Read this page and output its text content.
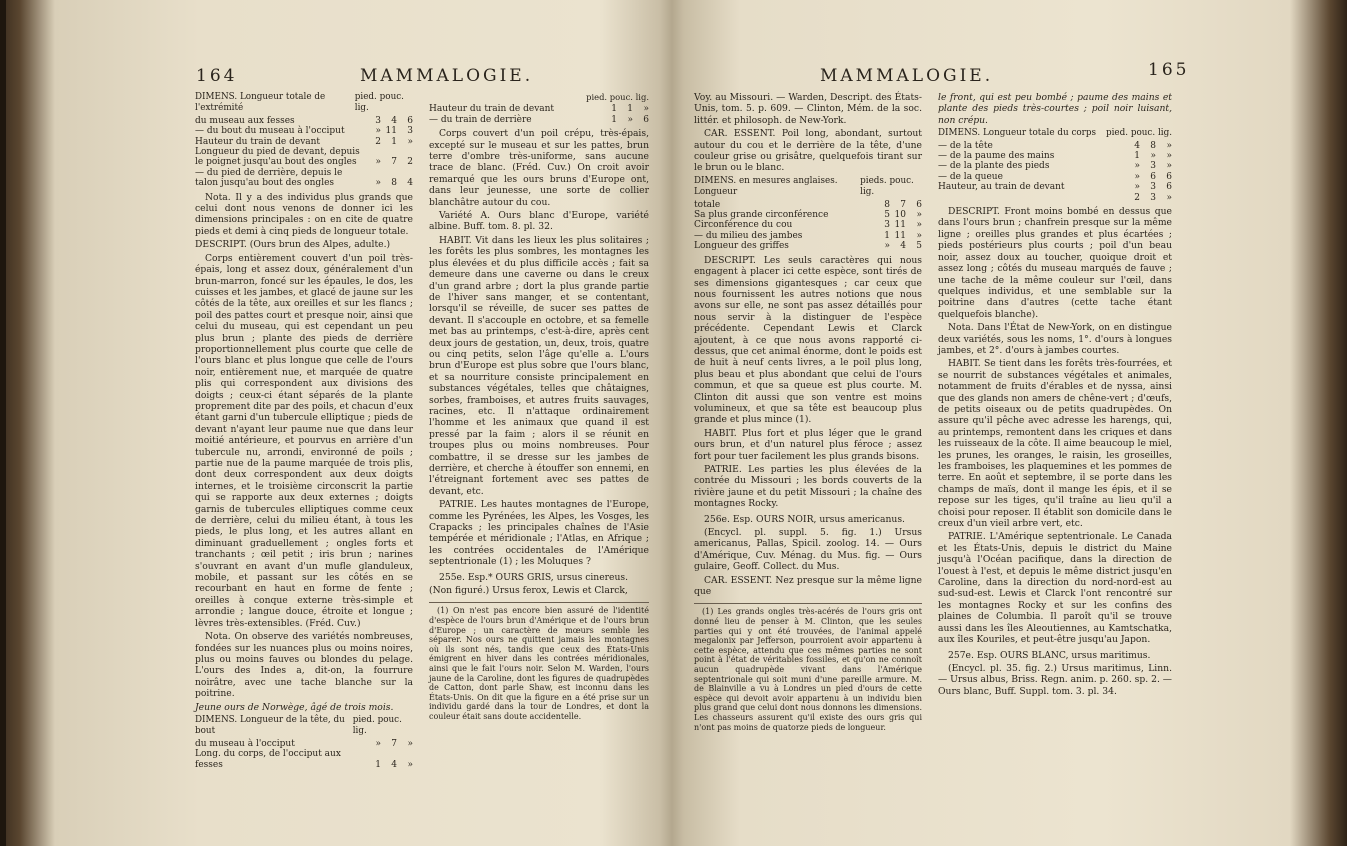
164	MAMMALOGIE.
DIMENS. Longueur totale de l'extrémité
pied. pouc. lig.
du museau aux fesses	3	4	6
— du bout du museau à l'occiput	»	11	3
Hauteur du train de devant	2	1	»
Longueur du pied de devant, depuis le poignet jusqu'au bout des ongles	»	7	2
— du pied de derrière, depuis le talon jusqu'au bout des ongles	»	8	4

Nota. Il y a des individus plus grands que celui dont nous venons de donner ici les dimensions principales : on en cite de quatre pieds et demi à cinq pieds de longueur totale.

DESCRIPT. (Ours brun des Alpes, adulte.)

Corps entièrement couvert d'un poil très-épais, long et assez doux, généralement d'un brun-marron, foncé sur les épaules, le dos, les cuisses et les jambes, et glacé de jaune sur les côtés de la tête, aux oreilles et sur les flancs ; poil des pattes court et presque noir, ainsi que celui du museau, qui est cependant un peu plus brun ; plante des pieds de derrière proportionnellement plus courte que celle de l'ours blanc et plus longue que celle de l'ours noir, entièrement nue, et marquée de quatre plis qui correspondent aux divisions des doigts ; ceux-ci étant séparés de la plante proprement dite par des poils, et chacun d'eux étant garni d'un tubercule elliptique ; pieds de devant n'ayant leur paume nue que dans leur moitié antérieure, et pourvus en arrière d'un tubercule nu, arrondi, environné de poils ; partie nue de la paume marquée de trois plis, dont deux correspondent aux deux doigts internes, et le troisième circonscrit la partie qui se rapporte aux deux externes ; doigts garnis de tubercules elliptiques comme ceux de derrière, celui du milieu étant, à tous les pieds, le plus long, et les autres allant en diminuant graduellement ; ongles forts et tranchants ; œil petit ; iris brun ; narines s'ouvrant en avant d'un mufle glanduleux, mobile, et passant sur les côtés en se recourbant en haut en forme de fente ; oreilles à conque externe très-simple et arrondie ; langue douce, étroite et longue ; lèvres très-extensibles. (Fréd. Cuv.)

Nota. On observe des variétés nombreuses, fondées sur les nuances plus ou moins noires, plus ou moins fauves ou blondes du pelage. L'ours des Indes a, dit-on, la fourrure noirâtre, avec une tache blanche sur la poitrine.

Jeune ours de Norwège, âgé de trois mois.

DIMENS. Longueur de la tête, du bout
pied. pouc. lig.
du museau à l'occiput	»	7	»
Long. du corps, de l'occiput aux fesses	1	4	»
pied. pouc. lig.
Hauteur du train de devant	1	1	»
— du train de derrière	1	»	6

Corps couvert d'un poil crépu, très-épais, excepté sur le museau et sur les pattes, brun terre d'ombre très-uniforme, sans aucune trace de blanc. (Fréd. Cuv.) On croit avoir remarqué que les ours bruns d'Europe ont, dans leur jeunesse, une sorte de collier blanchâtre autour du cou.

Variété A. Ours blanc d'Europe, variété albine. Buff. tom. 8. pl. 32.

HABIT. Vit dans les lieux les plus solitaires ; les forêts les plus sombres, les montagnes les plus élevées et du plus difficile accès ; fait sa demeure dans une caverne ou dans le creux d'un grand arbre ; dort la plus grande partie de l'hiver sans manger, et se contentant, lorsqu'il se réveille, de sucer ses pattes de devant. Il s'accouple en octobre, et sa femelle met bas au printemps, c'est-à-dire, après cent deux jours de gestation, un, deux, trois, quatre ou cinq petits, selon l'âge qu'elle a. L'ours brun d'Europe est plus sobre que l'ours blanc, et sa nourriture consiste principalement en substances végétales, telles que châtaignes, sorbes, framboises, et autres fruits sauvages, racines, etc. Il n'attaque ordinairement l'homme et les animaux que quand il est pressé par la faim ; alors il se réunit en troupes plus ou moins nombreuses. Pour combattre, il se dresse sur les jambes de derrière, et cherche à étouffer son ennemi, en l'étreignant fortement avec ses pattes de devant, etc.

PATRIE. Les hautes montagnes de l'Europe, comme les Pyrénées, les Alpes, les Vosges, les Crapacks ; les principales chaînes de l'Asie tempérée et méridionale ; l'Atlas, en Afrique ; les contrées occidentales de l'Amérique septentrionale (1) ; les Moluques ?

255e. Esp.* OURS GRIS, ursus cinereus.

(Non figuré.) Ursus ferox, Lewis et Clarck,

(1) On n'est pas encore bien assuré de l'identité d'espèce de l'ours brun d'Amérique et de l'ours brun d'Europe ; un caractère de mœurs semble les séparer. Nos ours ne quittent jamais les montagnes où ils sont nés, tandis que ceux des États-Unis émigrent en hiver dans les contrées méridionales, ainsi que le fait l'ours noir. Selon M. Warden, l'ours jaune de la Caroline, dont les figures de quadrupèdes de Catton, dont parle Shaw, est inconnu dans les États-Unis. On dit que la figure en a été prise sur un individu gardé dans la tour de Londres, et dont la couleur était sans doute accidentelle.

MAMMALOGIE.	165

Voy. au Missouri. — Warden, Descript. des États-Unis, tom. 5. p. 609. — Clinton, Mém. de la soc. littér. et philosoph. de New-York.

CAR. ESSENT. Poil long, abondant, surtout autour du cou et le derrière de la tête, d'une couleur grise ou grisâtre, quelquefois tirant sur le brun ou le blanc.

DIMENS. en mesures anglaises. Longueur
pieds. pouc. lig.
totale	8	7	6
Sa plus grande circonférence	5	10	»
Circonférence du cou	3	11	»
— du milieu des jambes	1	11	»
Longueur des griffes	»	4	5

DESCRIPT. Les seuls caractères qui nous engagent à placer ici cette espèce, sont tirés de ses dimensions gigantesques ; car ceux que nous fournissent les autres notions que nous avons sur elle, ne sont pas assez détaillés pour nous servir à la distinguer de l'espèce précédente. Cependant Lewis et Clarck ajoutent, à ce que nous avons rapporté ci-dessus, que cet animal énorme, dont le poids est de huit à neuf cents livres, a le poil plus long, plus beau et plus abondant que celui de l'ours commun, et que sa queue est plus courte. M. Clinton dit aussi que son ventre est moins volumineux, et que sa tête est beaucoup plus grande et plus mince (1).

HABIT. Plus fort et plus léger que le grand ours brun, et d'un naturel plus féroce ; assez fort pour tuer facilement les plus grands bisons.

PATRIE. Les parties les plus élevées de la contrée du Missouri ; les bords couverts de la rivière jaune et du petit Missouri ; la chaîne des montagnes Rocky.

256e. Esp. OURS NOIR, ursus americanus.

(Encycl. pl. suppl. 5. fig. 1.) Ursus americanus, Pallas, Spicil. zoolog. 14. — Ours d'Amérique, Cuv. Ménag. du Mus. fig. — Ours gulaire, Geoff. Collect. du Mus.

CAR. ESSENT. Nez presque sur la même ligne que

(1) Les grands ongles très-acérés de l'ours gris ont donné lieu de penser à M. Clinton, que les seules parties qui y ont été trouvées, de l'animal appelé megalonix par Jefferson, pourroient avoir appartenu à cette espèce, attendu que ces mêmes parties ne sont point à l'état de véritables fossiles, et qu'on ne connoît aucun quadrupède vivant dans l'Amérique septentrionale qui soit muni d'une pareille armure. M. de Blainville a vu à Londres un pied d'ours de cette espèce qui devoit avoir appartenu à un individu bien plus grand que celui dont nous donnons les dimensions. Les chasseurs assurent qu'il existe des ours gris qui n'ont pas moins de quatorze pieds de longueur.

le front, qui est peu bombé ; paume des mains et plante des pieds très-courtes ; poil noir luisant, non crépu.

DIMENS. Longueur totale du corps pied. pouc. lig.
— de la tête	4	8	»
— de la paume des mains	1	»	»
— de la plante des pieds	»	3	»
— de la queue	»	6	6
Hauteur, au train de devant	»	3	6
	2	3	»

DESCRIPT. Front moins bombé en dessus que dans l'ours brun ; chanfrein presque sur la même ligne ; oreilles plus grandes et plus écartées ; pieds postérieurs plus courts ; poil d'un beau noir, assez doux au toucher, quoique droit et assez long ; côtés du museau marqués de fauve ; une tache de la même couleur sur l'œil, dans quelques individus, et une semblable sur la poitrine dans d'autres (cette tache étant quelquefois blanche).

Nota. Dans l'État de New-York, on en distingue deux variétés, sous les noms, 1°. d'ours à longues jambes, et 2°. d'ours à jambes courtes.

HABIT. Se tient dans les forêts très-fourrées, et se nourrit de substances végétales et animales, notamment de fruits d'érables et de nyssa, ainsi que des glands non amers de chêne-vert ; d'œufs, de petits oiseaux ou de petits quadrupèdes. On assure qu'il pêche avec adresse les harengs, qui, au printemps, remontent dans les criques et dans les ruisseaux de la côte. Il aime beaucoup le miel, les prunes, les oranges, le raisin, les groseilles, les framboises, les plaquemines et les pommes de terre. En août et septembre, il se porte dans les champs de maïs, dont il mange les épis, et il se repose sur les tiges, qu'il traîne au lieu qu'il a choisi pour reposer. Il établit son domicile dans le creux d'un vieil arbre vert, etc.

PATRIE. L'Amérique septentrionale. Le Canada et les États-Unis, depuis le district du Maine jusqu'à l'Océan pacifique, dans la direction de l'ouest à l'est, et depuis le même district jusqu'en Caroline, dans la direction du nord-nord-est au sud-sud-est. Lewis et Clarck l'ont rencontré sur les montagnes Rocky et sur les confins des plaines de Columbia. Il paroît qu'il se trouve aussi dans les îles Aleoutiennes, au Kamtschatka, aux îles Kouriles, et peut-être jusqu'au Japon.

257e. Esp. OURS BLANC, ursus maritimus.

(Encycl. pl. 35. fig. 2.) Ursus maritimus, Linn. — Ursus albus, Briss. Regn. anim. p. 260. sp. 2. — Ours blanc, Buff. Suppl. tom. 3. pl. 34.
